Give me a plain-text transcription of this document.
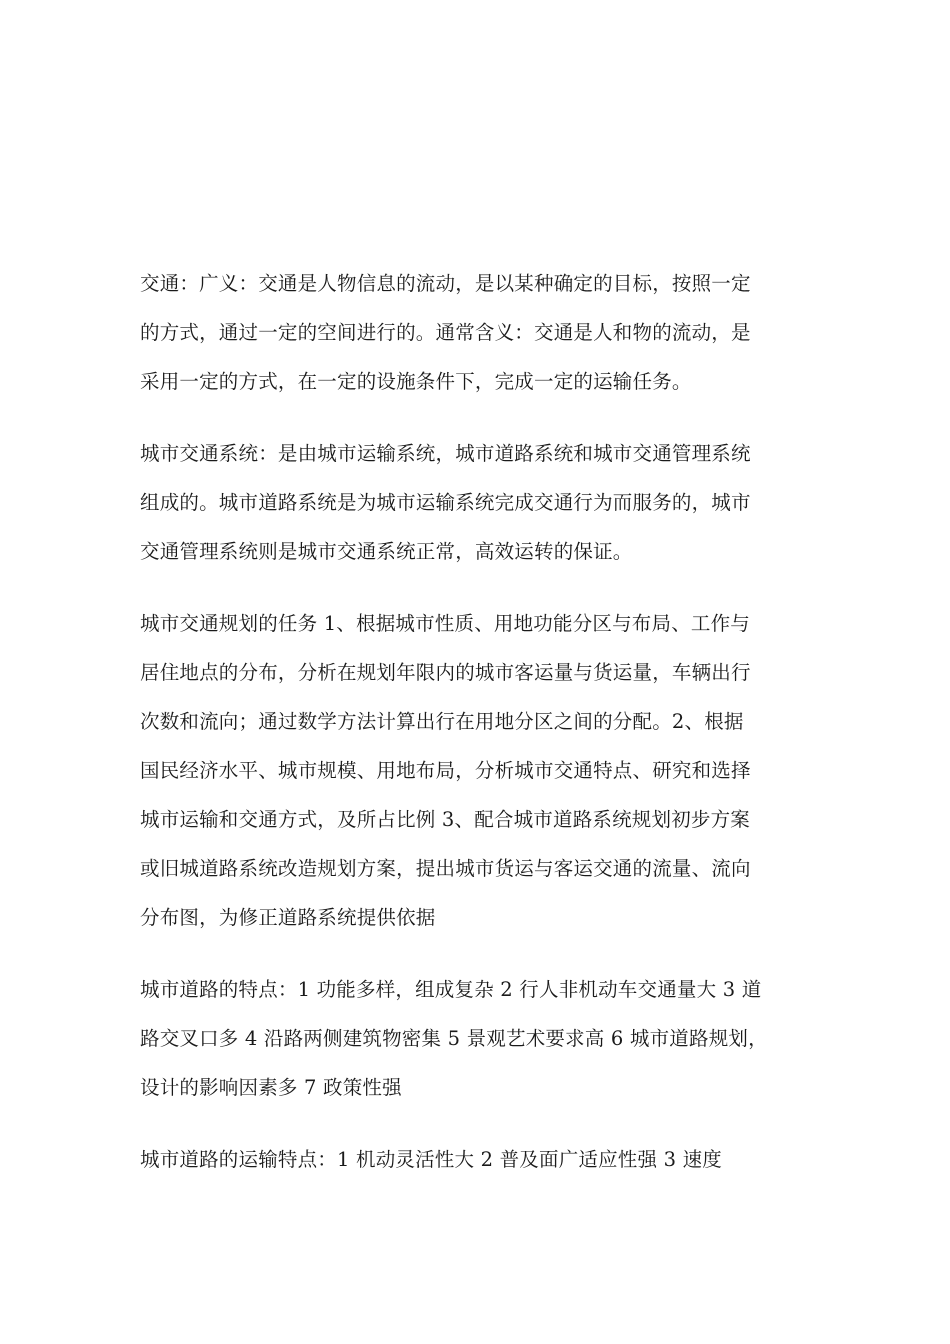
交通：广义：交通是人物信息的流动，是以某种确定的目标，按照一定
的方式，通过一定的空间进行的。通常含义：交通是人和物的流动，是
采用一定的方式，在一定的设施条件下，完成一定的运输任务。
城市交通系统：是由城市运输系统，城市道路系统和城市交通管理系统
组成的。城市道路系统是为城市运输系统完成交通行为而服务的，城市
交通管理系统则是城市交通系统正常，高效运转的保证。
城市交通规划的任务 1、根据城市性质、用地功能分区与布局、工作与
居住地点的分布，分析在规划年限内的城市客运量与货运量，车辆出行
次数和流向；通过数学方法计算出行在用地分区之间的分配。2、根据
国民经济水平、城市规模、用地布局，分析城市交通特点、研究和选择
城市运输和交通方式，及所占比例 3、配合城市道路系统规划初步方案
或旧城道路系统改造规划方案，提出城市货运与客运交通的流量、流向
分布图，为修正道路系统提供依据
城市道路的特点：1 功能多样，组成复杂 2 行人非机动车交通量大 3 道
路交叉口多 4 沿路两侧建筑物密集 5 景观艺术要求高 6 城市道路规划，
设计的影响因素多 7 政策性强
城市道路的运输特点：1 机动灵活性大 2 普及面广适应性强 3 速度
